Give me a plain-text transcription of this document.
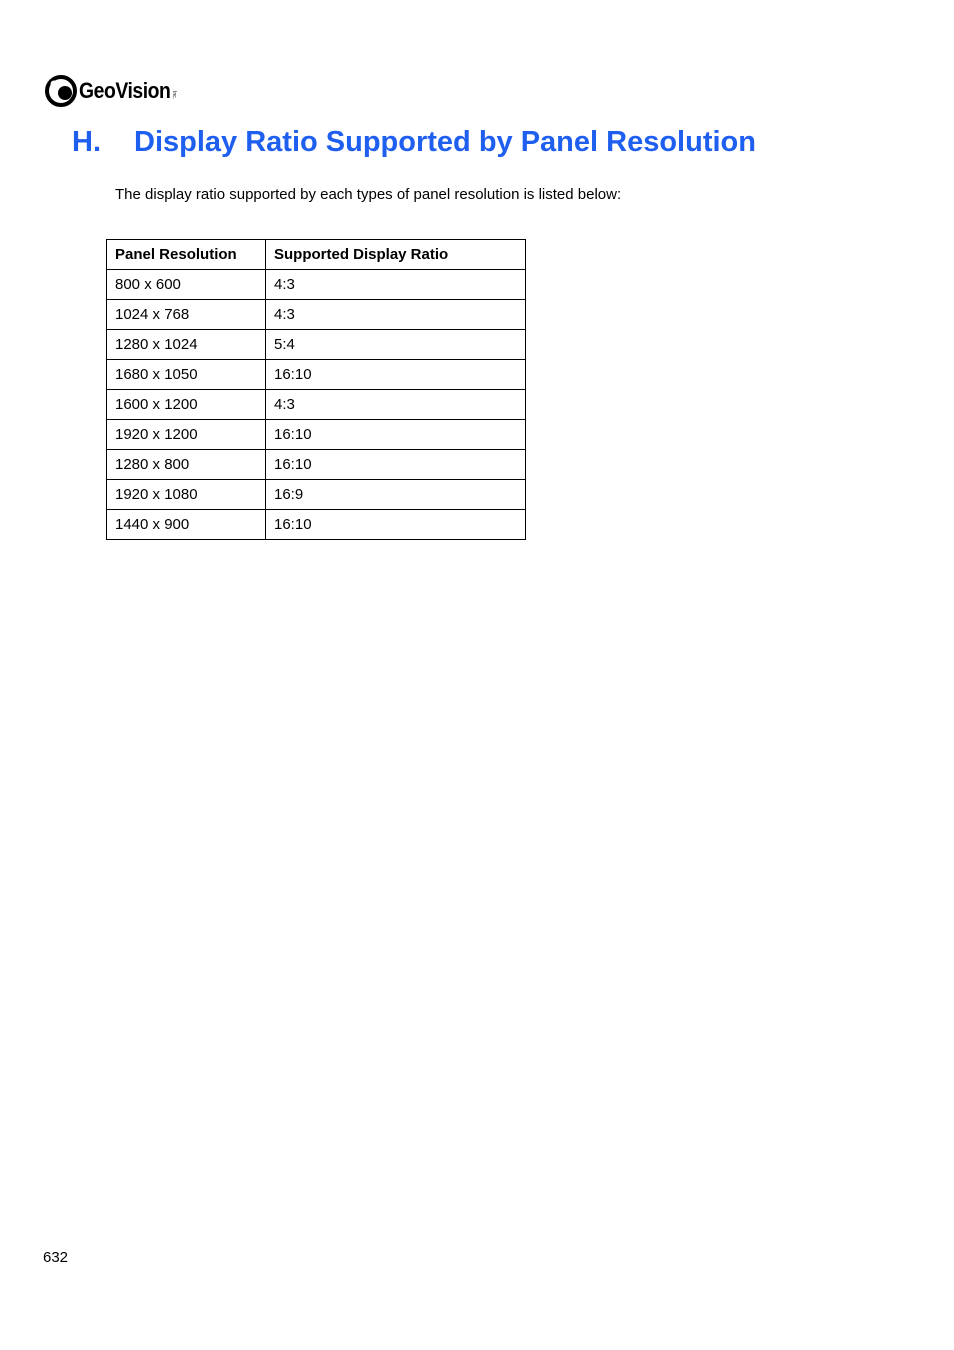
GeoVision Inc.
H.	Display Ratio Supported by Panel Resolution

The display ratio supported by each types of panel resolution is listed below:

Panel Resolution	Supported Display Ratio
800 x 600	4:3
1024 x 768	4:3
1280 x 1024	5:4
1680 x 1050	16:10
1600 x 1200	4:3
1920 x 1200	16:10
1280 x 800	16:10
1920 x 1080	16:9
1440 x 900	16:10
632
